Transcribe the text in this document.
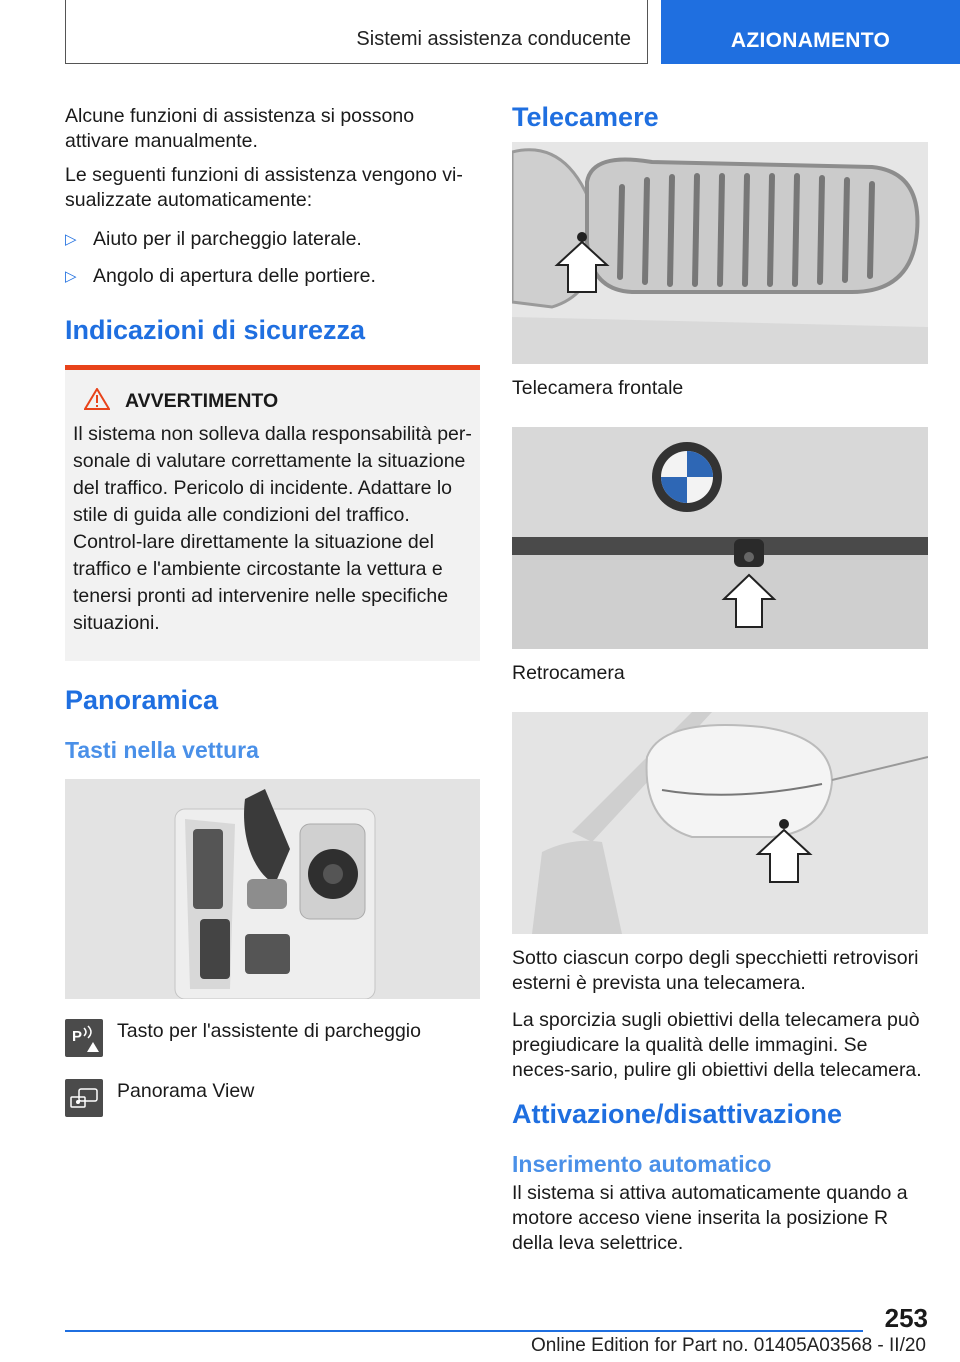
Sistemi assistenza conducente	AZIONAMENTO

Alcune funzioni di assistenza si possono attivare manualmente.

Le seguenti funzioni di assistenza vengono vi-sualizzate automaticamente:

▷ Aiuto per il parcheggio laterale.
▷ Angolo di apertura delle portiere.
Indicazioni di sicurezza
AVVERTIMENTO

Il sistema non solleva dalla responsabilità per-sonale di valutare correttamente la situazione del traffico. Pericolo di incidente. Adattare lo stile di guida alle condizioni del traffico. Control-lare direttamente la situazione del traffico e l'ambiente circostante la vettura e tenersi pronti ad intervenire nelle specifiche situazioni.

Panoramica
Tasti nella vettura
P Tasto per l'assistente di parcheggio
Panorama View
Telecamere
Telecamera frontale
Retrocamera

Sotto ciascun corpo degli specchietti retrovisori esterni è prevista una telecamera.

La sporcizia sugli obiettivi della telecamera può pregiudicare la qualità delle immagini. Se neces-sario, pulire gli obiettivi della telecamera.

Attivazione/disattivazione
Inserimento automatico

Il sistema si attiva automaticamente quando a motore acceso viene inserita la posizione R della leva selettrice.

253
Online Edition for Part no. 01405A03568 - II/20
